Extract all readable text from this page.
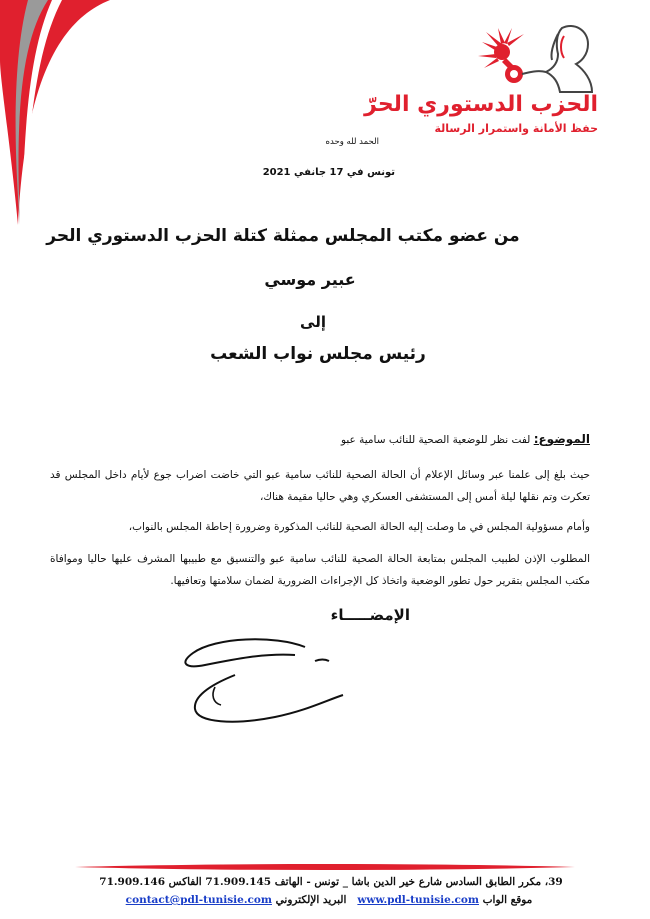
الحزب الدستوري الحرّ
حفظ الأمانة واستمرار الرسالة
الحمد لله وحده
تونس في 17 جانفي 2021
من عضو مكتب المجلس ممثلة كتلة الحزب الدستوري الحر
عبير موسي
إلى
رئيس مجلس نواب الشعب
الموضوع: لفت نظر للوضعية الصحية للنائب سامية عبو
حيث بلغ إلى علمنا عبر وسائل الإعلام أن الحالة الصحية للنائب سامية عبو التي خاضت اضراب جوع لأيام داخل المجلس قد تعكرت وتم نقلها ليلة أمس إلى المستشفى العسكري وهي حاليا مقيمة هناك،
وأمام مسؤولية المجلس في ما وصلت إليه الحالة الصحية للنائب المذكورة وضرورة إحاطة المجلس بالنواب،
المطلوب الإذن لطبيب المجلس بمتابعة الحالة الصحية للنائب سامية عبو والتنسيق مع طبيبها المشرف عليها حاليا وموافاة مكتب المجلس بتقرير حول تطور الوضعية واتخاذ كل الإجراءات الضرورية لضمان سلامتها وتعافيها.
الإمضـــــاء
39، مكرر الطابق السادس شارع خير الدين باشا _ تونس - الهاتف 71.909.145 الفاكس 71.909.146
موقع الواب www.pdl-tunisie.com   البريد الإلكتروني contact@pdl-tunisie.com
